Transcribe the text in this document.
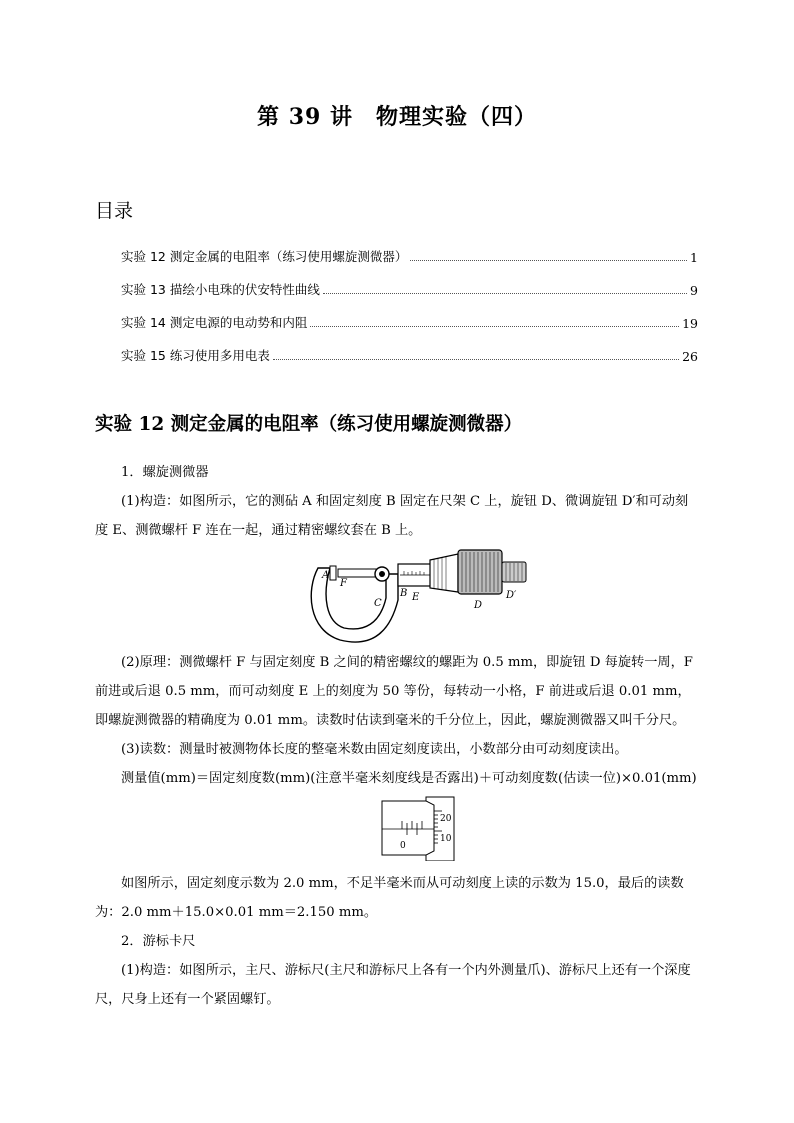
第 39 讲　物理实验（四）
目录
实验 12 测定金属的电阻率（练习使用螺旋测微器）	1
实验 13 描绘小电珠的伏安特性曲线	9
实验 14 测定电源的电动势和内阻	19
实验 15 练习使用多用电表	26
实验 12 测定金属的电阻率（练习使用螺旋测微器）

1．螺旋测微器

(1)构造：如图所示，它的测砧 A 和固定刻度 B 固定在尺架 C 上，旋钮 D、微调旋钮 D′和可动刻度 E、测微螺杆 F 连在一起，通过精密螺纹套在 B 上。

A
F
B E
C	D
D′

(2)原理：测微螺杆 F 与固定刻度 B 之间的精密螺纹的螺距为 0.5 mm，即旋钮 D 每旋转一周，F 前进或后退 0.5 mm，而可动刻度 E 上的刻度为 50 等份，每转动一小格，F 前进或后退 0.01 mm，即螺旋测微器的精确度为 0.01 mm。读数时估读到毫米的千分位上，因此，螺旋测微器又叫千分尺。

(3)读数：测量时被测物体长度的整毫米数由固定刻度读出，小数部分由可动刻度读出。

测量值(mm)＝固定刻度数(mm)(注意半毫米刻度线是否露出)＋可动刻度数(估读一位)×0.01(mm)

0
20
10

如图所示，固定刻度示数为 2.0 mm，不足半毫米而从可动刻度上读的示数为 15.0，最后的读数为：2.0 mm＋15.0×0.01 mm＝2.150 mm。

2．游标卡尺

(1)构造：如图所示，主尺、游标尺(主尺和游标尺上各有一个内外测量爪)、游标尺上还有一个深度尺，尺身上还有一个紧固螺钉。
